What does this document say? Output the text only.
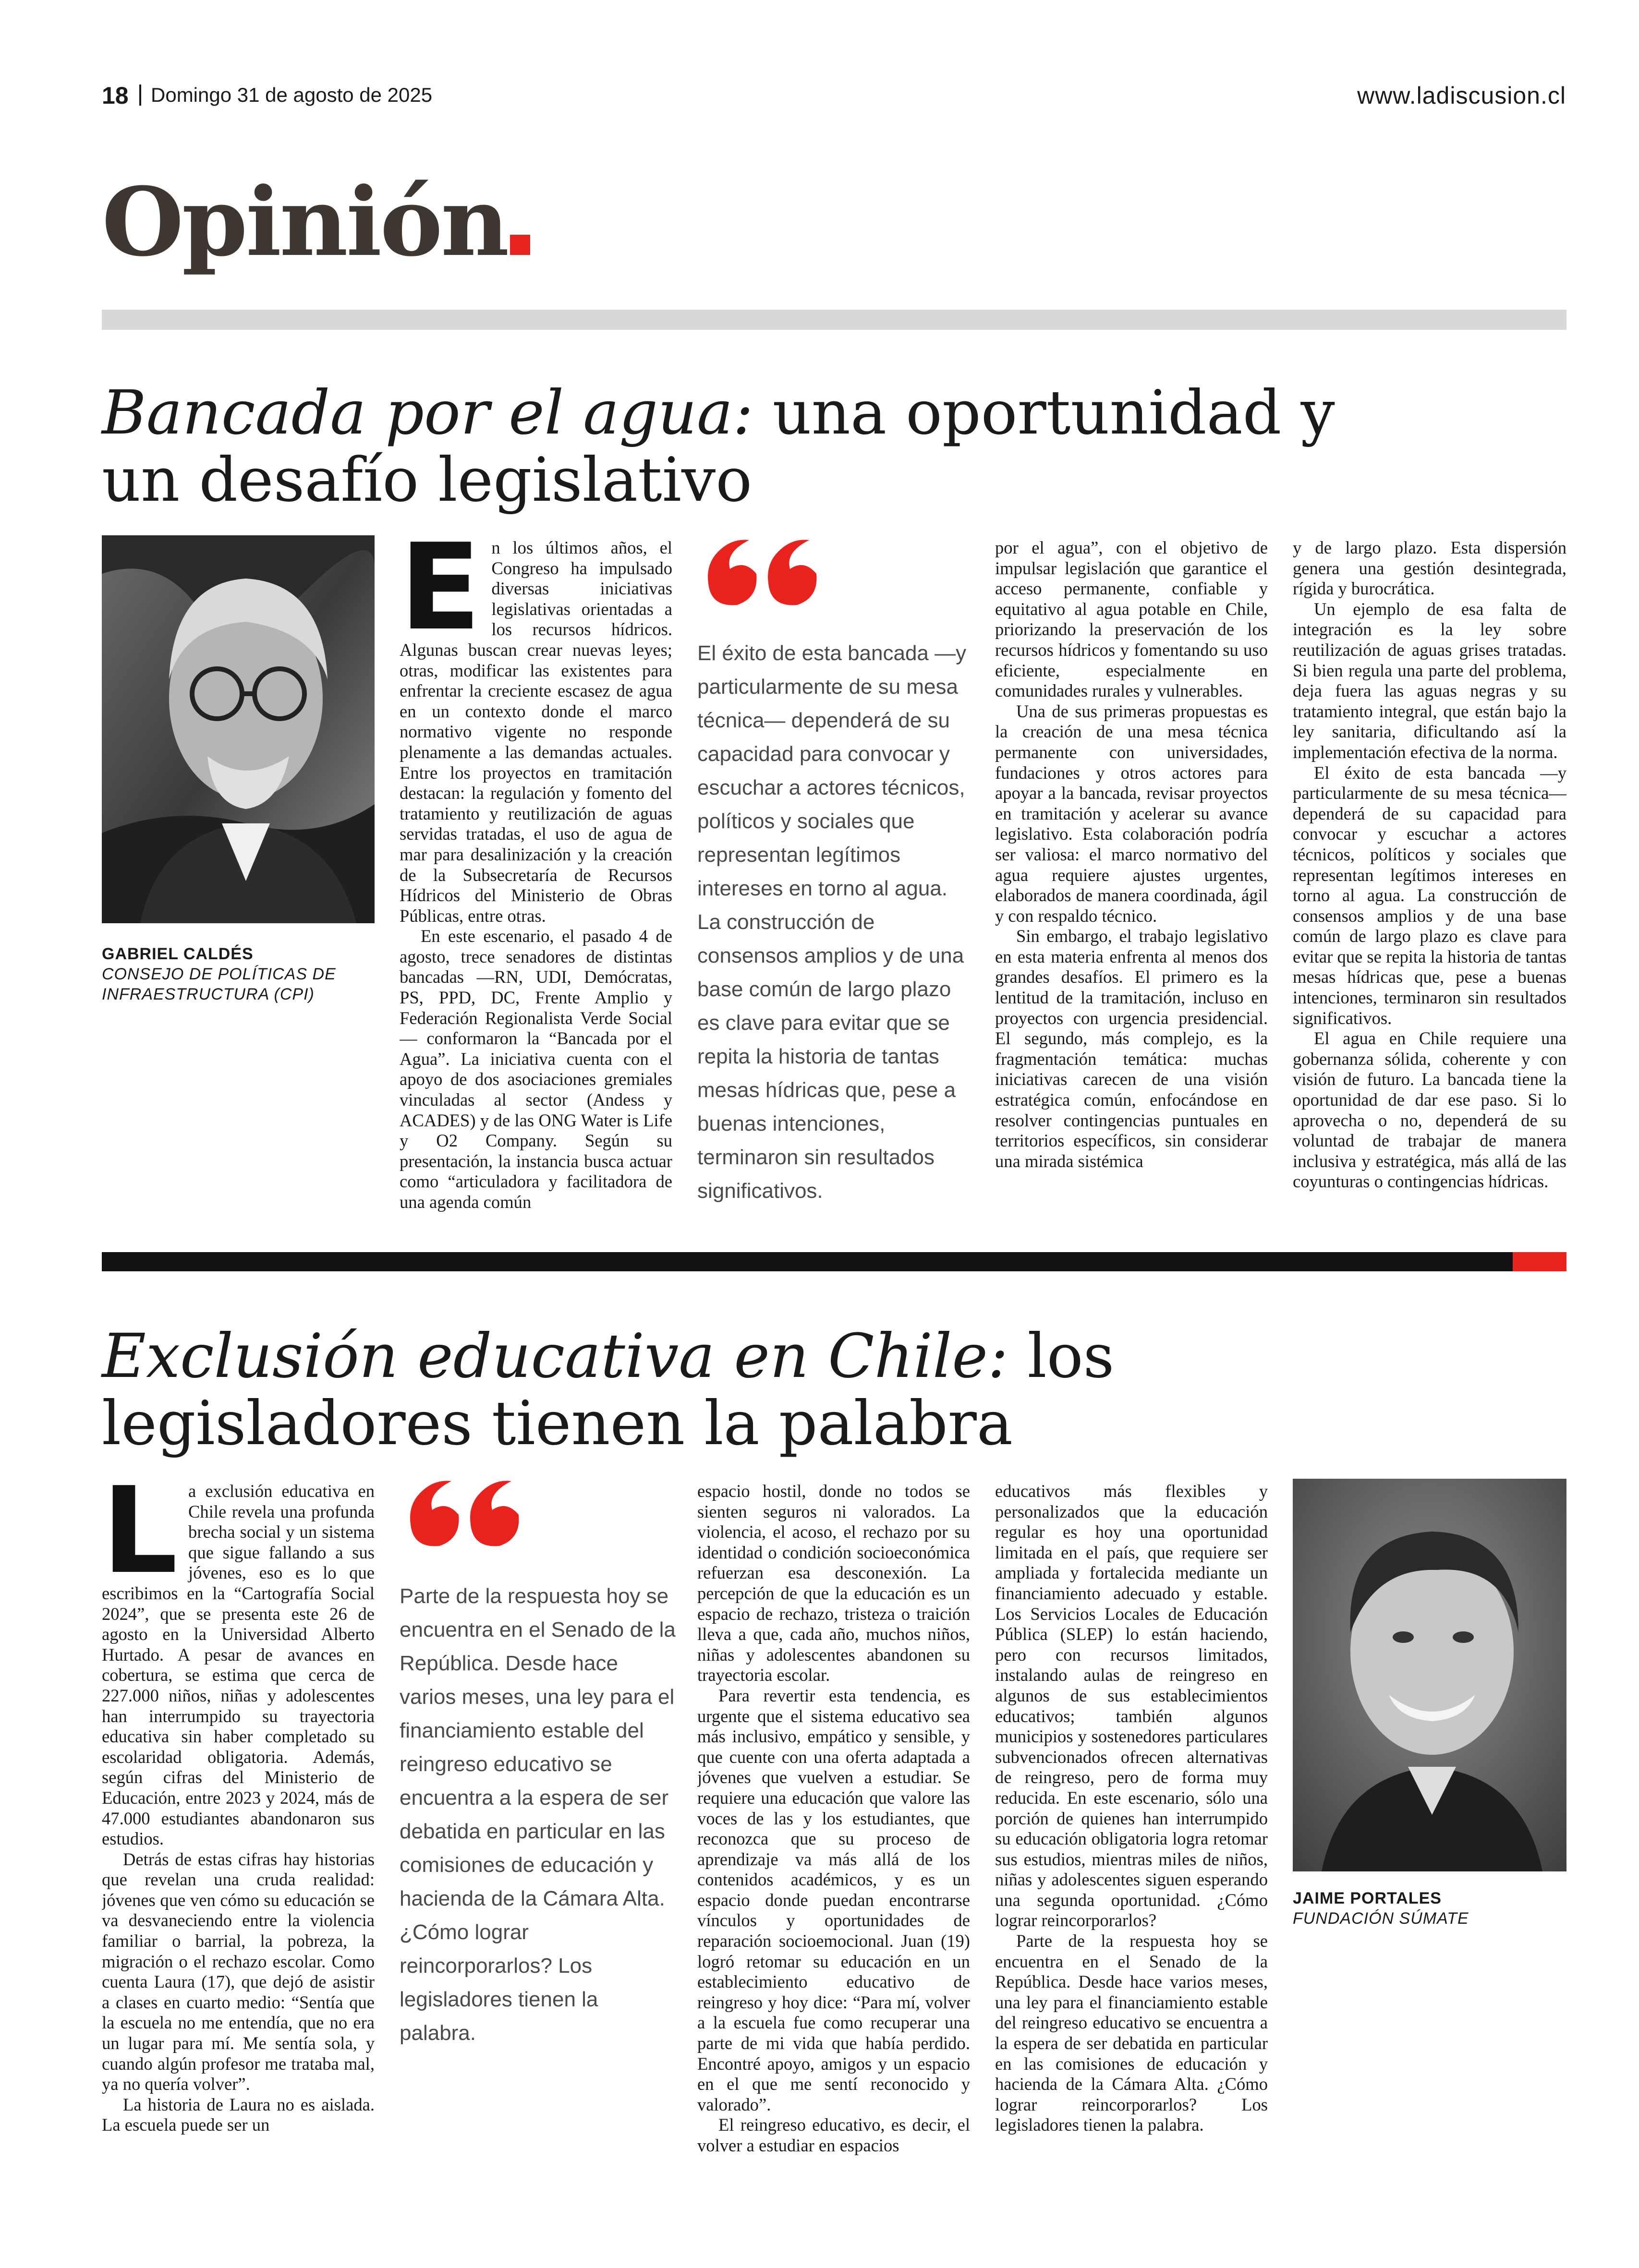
18 Domingo 31 de agosto de 2025	www.ladiscusion.cl
Opinión
Bancada por el agua: una oportunidad y un desafío legislativo
GABRIEL CALDÉS
CONSEJO DE POLÍTICAS DE INFRAESTRUCTURA (CPI)
E n los últimos años, el Congreso ha impulsado diversas iniciativas legislativas orientadas a los recursos hídricos. Algunas buscan crear nuevas leyes; otras, modificar las existentes para enfrentar la creciente escasez de agua en un contexto donde el marco normativo vigente no responde plenamente a las demandas actuales. Entre los proyectos en tramitación destacan: la regulación y fomento del tratamiento y reutilización de aguas servidas tratadas, el uso de agua de mar para desalinización y la creación de la Subsecretaría de Recursos Hídricos del Ministerio de Obras Públicas, entre otras.

En este escenario, el pasado 4 de agosto, trece senadores de distintas bancadas —RN, UDI, Demócratas, PS, PPD, DC, Frente Amplio y Federación Regionalista Verde Social— conformaron la “Bancada por el Agua”. La iniciativa cuenta con el apoyo de dos asociaciones gremiales vinculadas al sector (Andess y ACADES) y de las ONG Water is Life y O2 Company. Según su presentación, la instancia busca actuar como “articuladora y facilitadora de una agenda común

El éxito de esta bancada —y particularmente de su mesa técnica— dependerá de su capacidad para convocar y escuchar a actores técnicos, políticos y sociales que representan legítimos intereses en torno al agua. La construcción de consensos amplios y de una base común de largo plazo es clave para evitar que se repita la historia de tantas mesas hídricas que, pese a buenas intenciones, terminaron sin resultados significativos.

por el agua”, con el objetivo de impulsar legislación que garantice el acceso permanente, confiable y equitativo al agua potable en Chile, priorizando la preservación de los recursos hídricos y fomentando su uso eficiente, especialmente en comunidades rurales y vulnerables.

Una de sus primeras propuestas es la creación de una mesa técnica permanente con universidades, fundaciones y otros actores para apoyar a la bancada, revisar proyectos en tramitación y acelerar su avance legislativo. Esta colaboración podría ser valiosa: el marco normativo del agua requiere ajustes urgentes, elaborados de manera coordinada, ágil y con respaldo técnico.

Sin embargo, el trabajo legislativo en esta materia enfrenta al menos dos grandes desafíos. El primero es la lentitud de la tramitación, incluso en proyectos con urgencia presidencial. El segundo, más complejo, es la fragmentación temática: muchas iniciativas carecen de una visión estratégica común, enfocándose en resolver contingencias puntuales en territorios específicos, sin considerar una mirada sistémica

y de largo plazo. Esta dispersión genera una gestión desintegrada, rígida y burocrática.

Un ejemplo de esa falta de integración es la ley sobre reutilización de aguas grises tratadas. Si bien regula una parte del problema, deja fuera las aguas negras y su tratamiento integral, que están bajo la ley sanitaria, dificultando así la implementación efectiva de la norma.

El éxito de esta bancada —y particularmente de su mesa técnica— dependerá de su capacidad para convocar y escuchar a actores técnicos, políticos y sociales que representan legítimos intereses en torno al agua. La construcción de consensos amplios y de una base común de largo plazo es clave para evitar que se repita la historia de tantas mesas hídricas que, pese a buenas intenciones, terminaron sin resultados significativos.

El agua en Chile requiere una gobernanza sólida, coherente y con visión de futuro. La bancada tiene la oportunidad de dar ese paso. Si lo aprovecha o no, dependerá de su voluntad de trabajar de manera inclusiva y estratégica, más allá de las coyunturas o contingencias hídricas.

Exclusión educativa en Chile: los legisladores tienen la palabra
L a exclusión educativa en Chile revela una profunda brecha social y un sistema que sigue fallando a sus jóvenes, eso es lo que escribimos en la “Cartografía Social 2024”, que se presenta este 26 de agosto en la Universidad Alberto Hurtado. A pesar de avances en cobertura, se estima que cerca de 227.000 niños, niñas y adolescentes han interrumpido su trayectoria educativa sin haber completado su escolaridad obligatoria. Además, según cifras del Ministerio de Educación, entre 2023 y 2024, más de 47.000 estudiantes abandonaron sus estudios.

Detrás de estas cifras hay historias que revelan una cruda realidad: jóvenes que ven cómo su educación se va desvaneciendo entre la violencia familiar o barrial, la pobreza, la migración o el rechazo escolar. Como cuenta Laura (17), que dejó de asistir a clases en cuarto medio: “Sentía que la escuela no me entendía, que no era un lugar para mí. Me sentía sola, y cuando algún profesor me trataba mal, ya no quería volver”.

La historia de Laura no es aislada. La escuela puede ser un

Parte de la respuesta hoy se encuentra en el Senado de la República. Desde hace varios meses, una ley para el financiamiento estable del reingreso educativo se encuentra a la espera de ser debatida en particular en las comisiones de educación y hacienda de la Cámara Alta. ¿Cómo lograr reincorporarlos? Los legisladores tienen la palabra.

espacio hostil, donde no todos se sienten seguros ni valorados. La violencia, el acoso, el rechazo por su identidad o condición socioeconómica refuerzan esa desconexión. La percepción de que la educación es un espacio de rechazo, tristeza o traición lleva a que, cada año, muchos niños, niñas y adolescentes abandonen su trayectoria escolar.

Para revertir esta tendencia, es urgente que el sistema educativo sea más inclusivo, empático y sensible, y que cuente con una oferta adaptada a jóvenes que vuelven a estudiar. Se requiere una educación que valore las voces de las y los estudiantes, que reconozca que su proceso de aprendizaje va más allá de los contenidos académicos, y es un espacio donde puedan encontrarse vínculos y oportunidades de reparación socioemocional. Juan (19) logró retomar su educación en un establecimiento educativo de reingreso y hoy dice: “Para mí, volver a la escuela fue como recuperar una parte de mi vida que había perdido. Encontré apoyo, amigos y un espacio en el que me sentí reconocido y valorado”.

El reingreso educativo, es decir, el volver a estudiar en espacios

educativos más flexibles y personalizados que la educación regular es hoy una oportunidad limitada en el país, que requiere ser ampliada y fortalecida mediante un financiamiento adecuado y estable. Los Servicios Locales de Educación Pública (SLEP) lo están haciendo, pero con recursos limitados, instalando aulas de reingreso en algunos de sus establecimientos educativos; también algunos municipios y sostenedores particulares subvencionados ofrecen alternativas de reingreso, pero de forma muy reducida. En este escenario, sólo una porción de quienes han interrumpido su educación obligatoria logra retomar sus estudios, mientras miles de niños, niñas y adolescentes siguen esperando una segunda oportunidad. ¿Cómo lograr reincorporarlos?

Parte de la respuesta hoy se encuentra en el Senado de la República. Desde hace varios meses, una ley para el financiamiento estable del reingreso educativo se encuentra a la espera de ser debatida en particular en las comisiones de educación y hacienda de la Cámara Alta. ¿Cómo lograr reincorporarlos? Los legisladores tienen la palabra.

JAIME PORTALES
FUNDACIÓN SÚMATE
